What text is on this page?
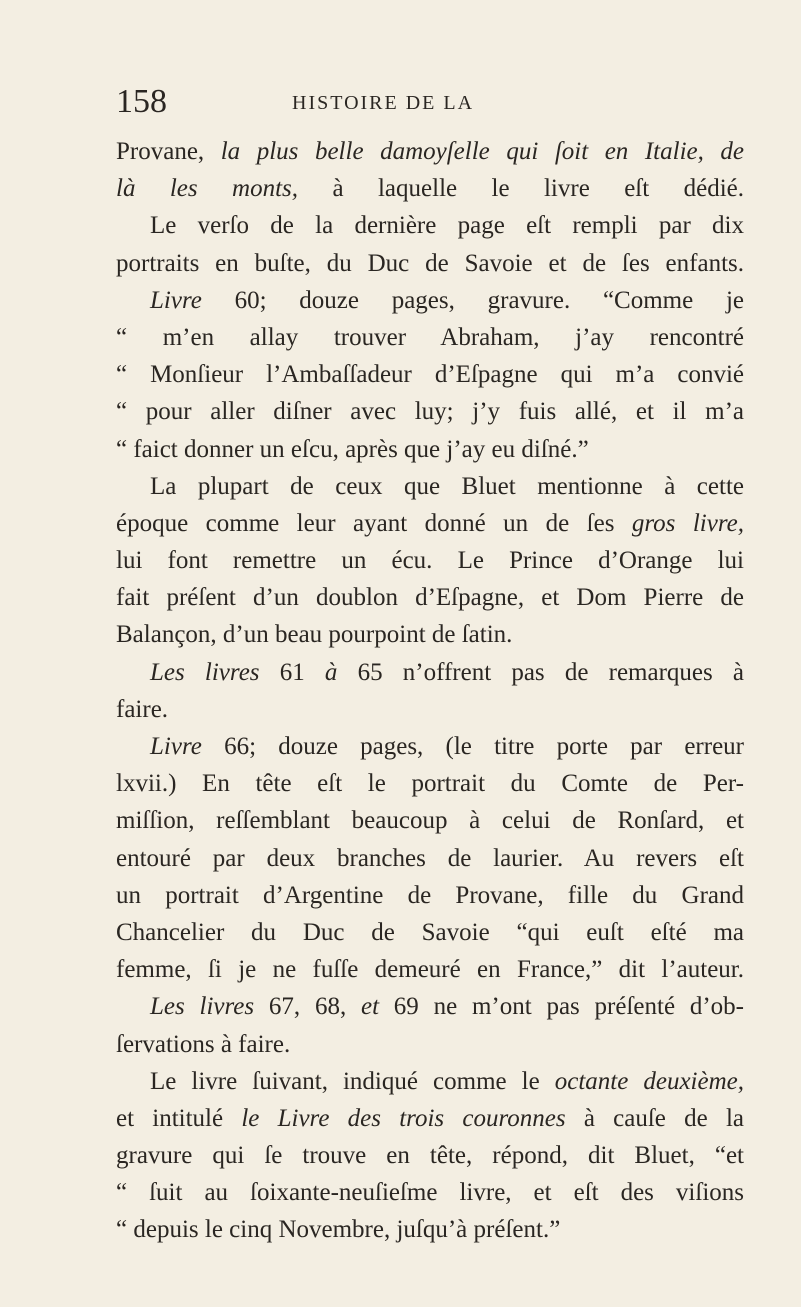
158	HISTOIRE DE LA
Provane, la plus belle damoyſelle qui ſoit en Italie, de
là les monts, à laquelle le livre eſt dédié.
Le verſo de la dernière page eſt rempli par dix
portraits en buſte, du Duc de Savoie et de ſes enfants.
Livre 60; douze pages, gravure. “Comme je
“ m’en allay trouver Abraham, j’ay rencontré
“ Monſieur l’Ambaſſadeur d’Eſpagne qui m’a convié
“ pour aller diſner avec luy; j’y fuis allé, et il m’a
“ faict donner un eſcu, après que j’ay eu diſné.”
La plupart de ceux que Bluet mentionne à cette
époque comme leur ayant donné un de ſes gros livre,
lui font remettre un écu. Le Prince d’Orange lui
fait préſent d’un doublon d’Eſpagne, et Dom Pierre de
Balançon, d’un beau pourpoint de ſatin.
Les livres 61 à 65 n’offrent pas de remarques à
faire.
Livre 66; douze pages, (le titre porte par erreur
lxvii.) En tête eſt le portrait du Comte de Per-
miſſion, reſſemblant beaucoup à celui de Ronſard, et
entouré par deux branches de laurier. Au revers eſt
un portrait d’Argentine de Provane, fille du Grand
Chancelier du Duc de Savoie “qui euſt eſté ma
femme, ſi je ne fuſſe demeuré en France,” dit l’auteur.
Les livres 67, 68, et 69 ne m’ont pas préſenté d’ob-
ſervations à faire.
Le livre ſuivant, indiqué comme le octante deuxième,
et intitulé le Livre des trois couronnes à cauſe de la
gravure qui ſe trouve en tête, répond, dit Bluet, “et
“ ſuit au ſoixante-neuſieſme livre, et eſt des viſions
“ depuis le cinq Novembre, juſqu’à préſent.”
